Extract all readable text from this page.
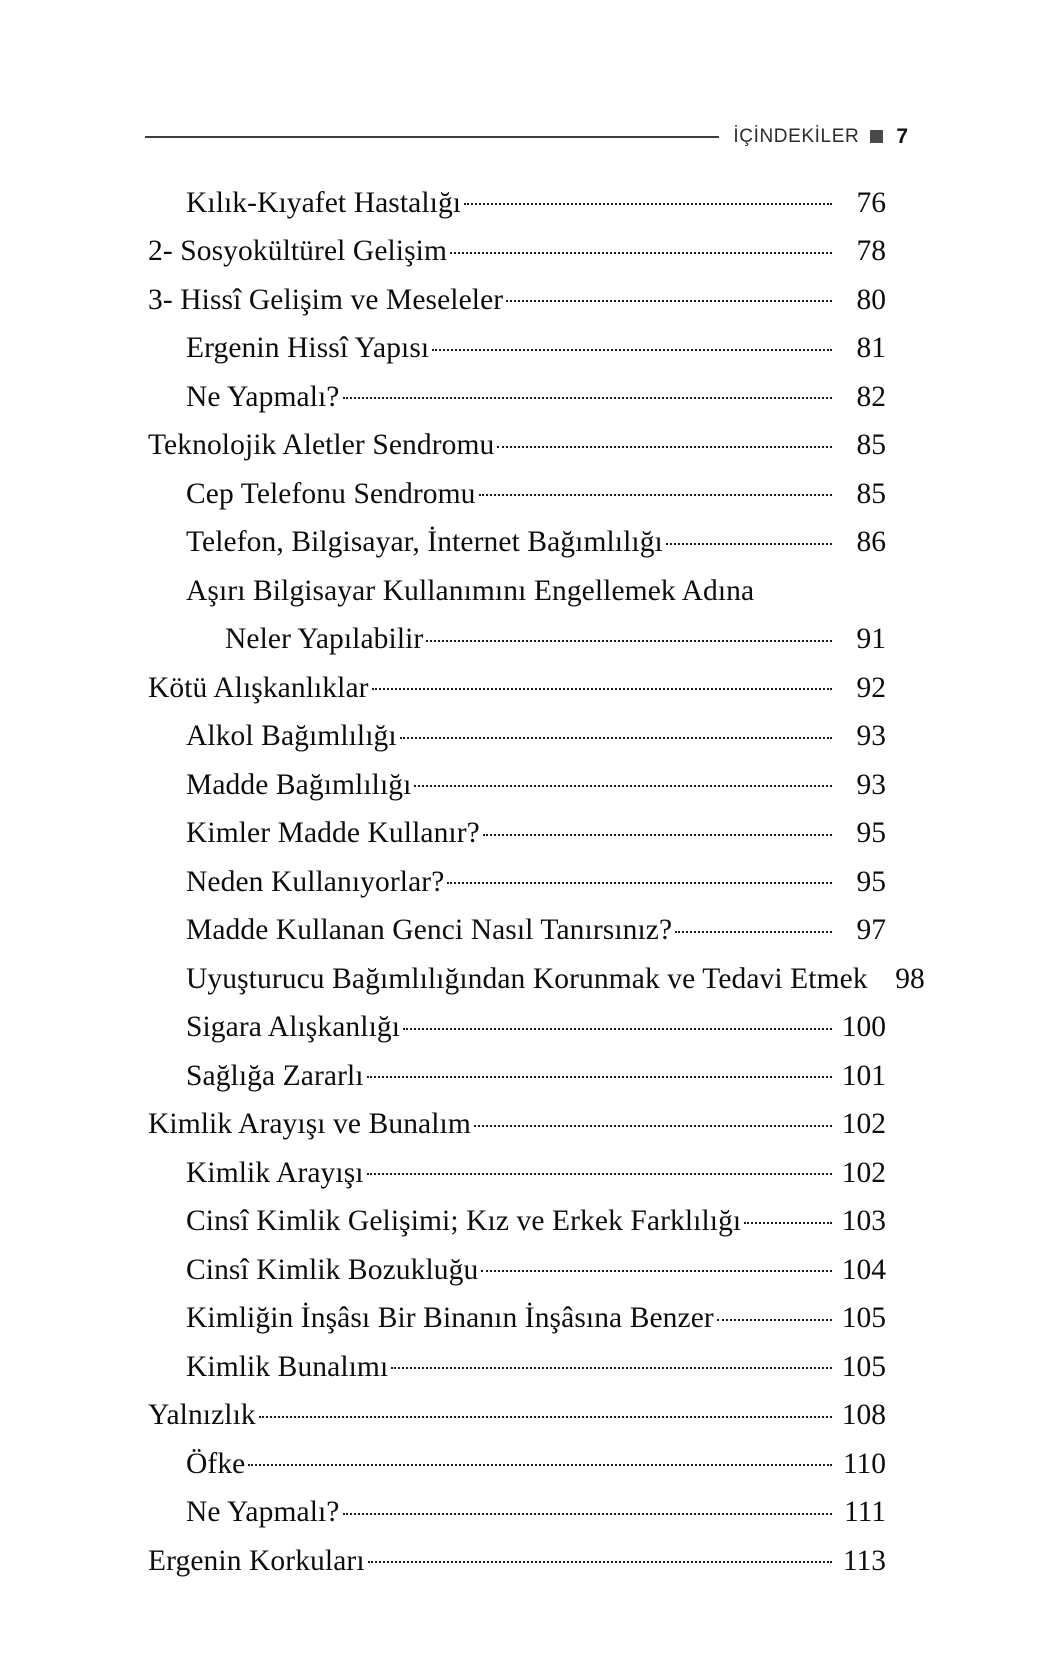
İÇİNDEKİLER	7
Kılık-Kıyafet Hastalığı	76
2- Sosyokültürel Gelişim	78
3- Hissî Gelişim ve Meseleler	80
Ergenin Hissî Yapısı	81
Ne Yapmalı?	82
Teknolojik Aletler Sendromu	85
Cep Telefonu Sendromu	85
Telefon, Bilgisayar, İnternet Bağımlılığı	86
Aşırı Bilgisayar Kullanımını Engellemek Adına
Neler Yapılabilir	91
Kötü Alışkanlıklar	92
Alkol Bağımlılığı	93
Madde Bağımlılığı	93
Kimler Madde Kullanır?	95
Neden Kullanıyorlar?	95
Madde Kullanan Genci Nasıl Tanırsınız?	97
Uyuşturucu Bağımlılığından Korunmak ve Tedavi Etmek 98
Sigara Alışkanlığı	100
Sağlığa Zararlı	101
Kimlik Arayışı ve Bunalım	102
Kimlik Arayışı	102
Cinsî Kimlik Gelişimi; Kız ve Erkek Farklılığı	103
Cinsî Kimlik Bozukluğu	104
Kimliğin İnşâsı Bir Binanın İnşâsına Benzer	105
Kimlik Bunalımı	105
Yalnızlık	108
Öfke	110
Ne Yapmalı?	111
Ergenin Korkuları	113
